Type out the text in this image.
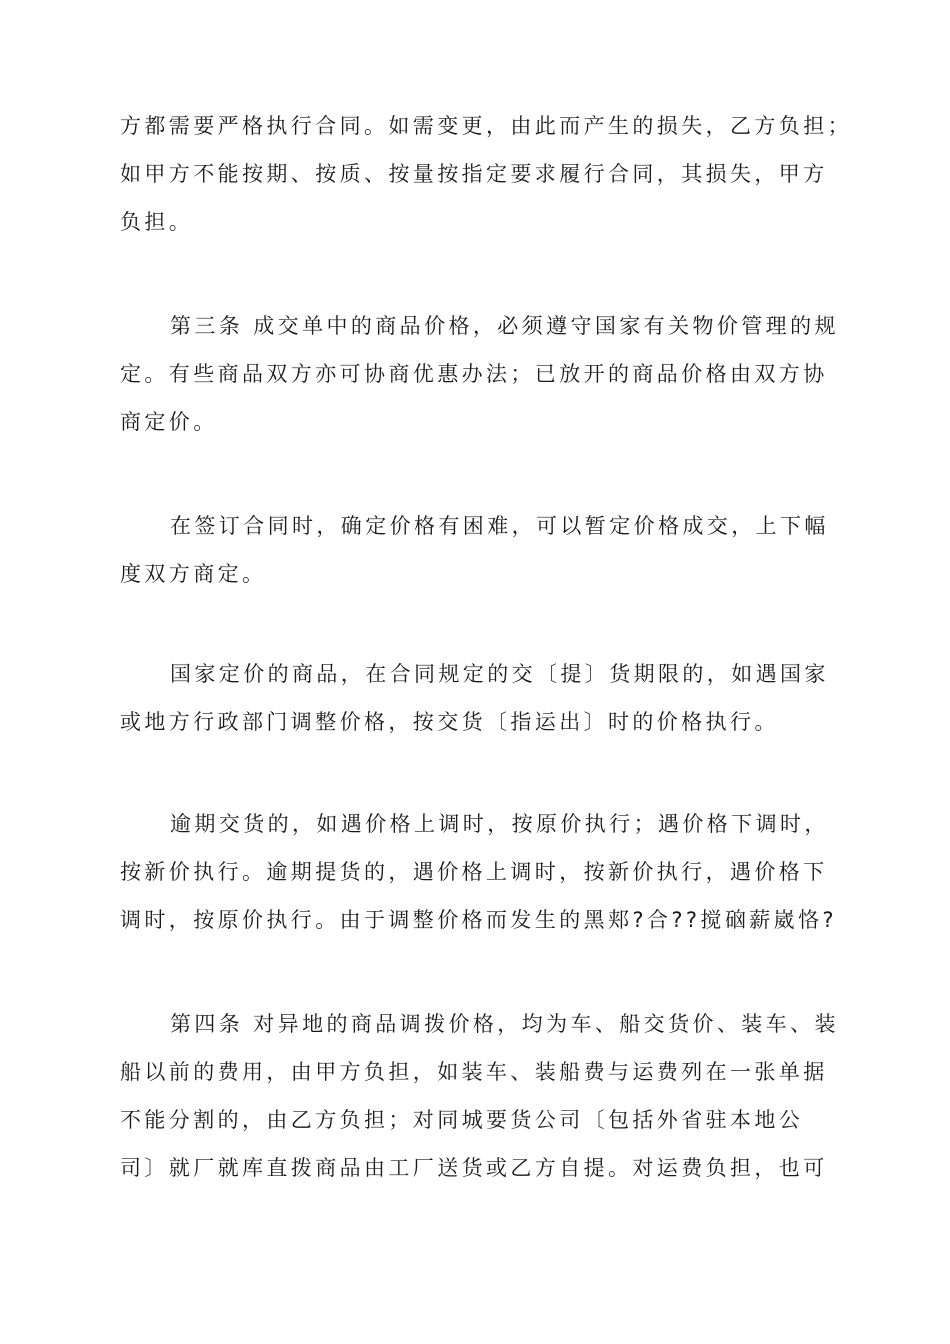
方都需要严格执行合同。如需变更，由此而产生的损失，乙方负担；
如甲方不能按期、按质、按量按指定要求履行合同，其损失，甲方
负担。
第三条 成交单中的商品价格，必须遵守国家有关物价管理的规
定。有些商品双方亦可协商优惠办法；已放开的商品价格由双方协
商定价。
在签订合同时，确定价格有困难，可以暂定价格成交，上下幅
度双方商定。
国家定价的商品，在合同规定的交〔提〕货期限的，如遇国家
或地方行政部门调整价格，按交货〔指运出〕时的价格执行。
逾期交货的，如遇价格上调时，按原价执行；遇价格下调时，
按新价执行。逾期提货的，遇价格上调时，按新价执行，遇价格下
调时，按原价执行。由于调整价格而发生的黑郏?合??搅硇薪崴恪?
第四条 对异地的商品调拨价格，均为车、船交货价、装车、装
船以前的费用，由甲方负担，如装车、装船费与运费列在一张单据
不能分割的，由乙方负担；对同城要货公司〔包括外省驻本地公
司〕就厂就库直拨商品由工厂送货或乙方自提。对运费负担，也可
